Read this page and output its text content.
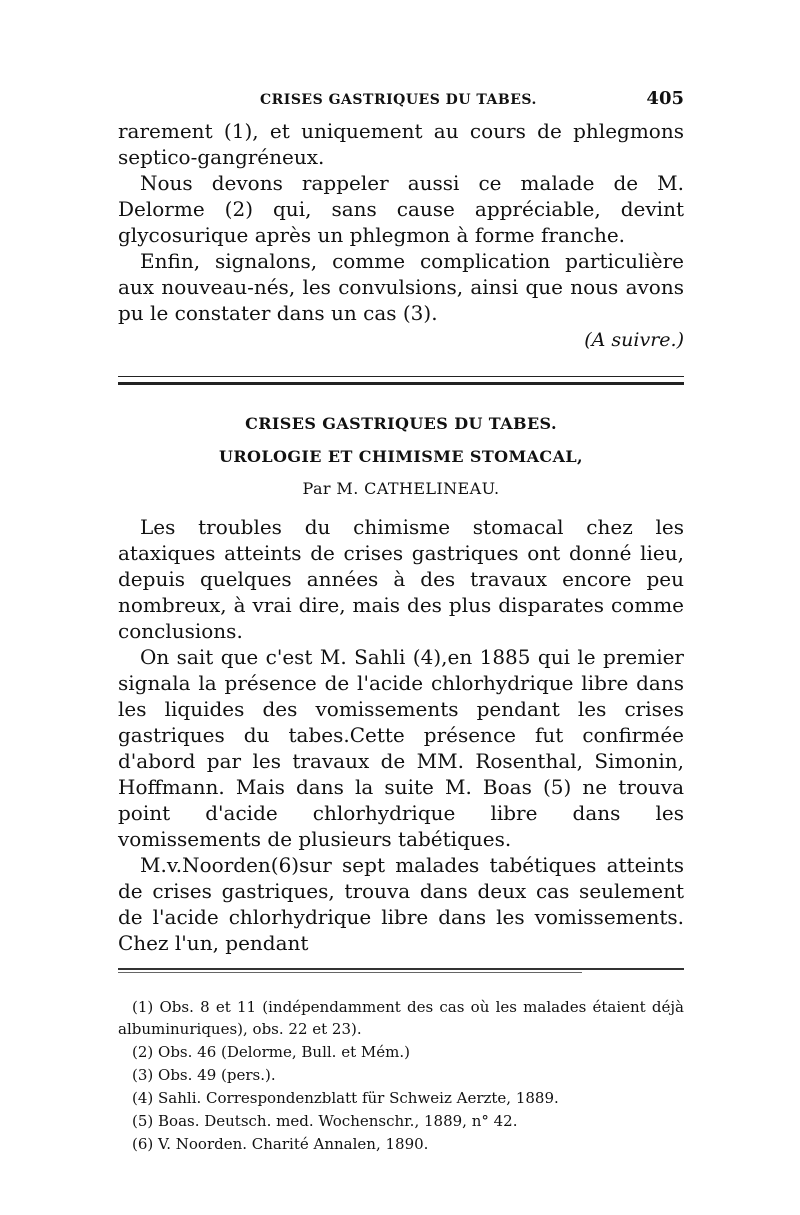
CRISES GASTRIQUES DU TABES.	405

rarement (1), et uniquement au cours de phlegmons septico-gangréneux.

Nous devons rappeler aussi ce malade de M. Delorme (2) qui, sans cause appréciable, devint glycosurique après un phlegmon à forme franche.

Enfin, signalons, comme complication particulière aux nouveau-nés, les convulsions, ainsi que nous avons pu le constater dans un cas (3).

(A suivre.)
CRISES GASTRIQUES DU TABES.
UROLOGIE ET CHIMISME STOMACAL,
Par M. CATHELINEAU.

Les troubles du chimisme stomacal chez les ataxiques atteints de crises gastriques ont donné lieu, depuis quelques années à des travaux encore peu nombreux, à vrai dire, mais des plus disparates comme conclusions.

On sait que c'est M. Sahli (4),en 1885 qui le premier signala la présence de l'acide chlorhydrique libre dans les liquides des vomissements pendant les crises gastriques du tabes.Cette présence fut confirmée d'abord par les travaux de MM. Rosenthal, Simonin, Hoffmann. Mais dans la suite M. Boas (5) ne trouva point d'acide chlorhydrique libre dans les vomissements de plusieurs tabétiques.

M.v.Noorden(6)sur sept malades tabétiques atteints de crises gastriques, trouva dans deux cas seulement de l'acide chlorhydrique libre dans les vomissements. Chez l'un, pendant

(1) Obs. 8 et 11 (indépendamment des cas où les malades étaient déjà albuminuriques), obs. 22 et 23).

(2) Obs. 46 (Delorme, Bull. et Mém.)

(3) Obs. 49 (pers.).

(4) Sahli. Correspondenzblatt für Schweiz Aerzte, 1889.

(5) Boas. Deutsch. med. Wochenschr., 1889, n° 42.

(6) V. Noorden. Charité Annalen, 1890.
